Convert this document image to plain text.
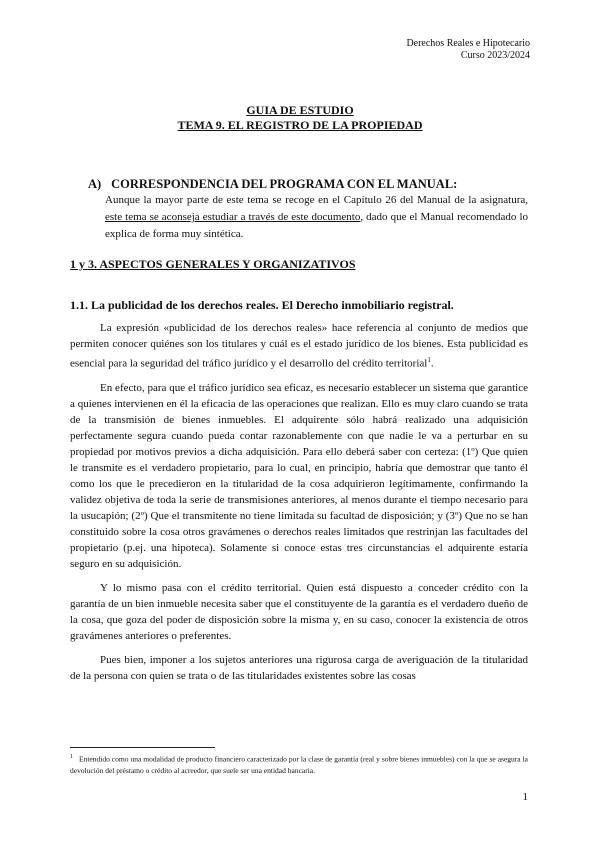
Derechos Reales e Hipotecario
Curso 2023/2024
GUIA DE ESTUDIO
TEMA 9. EL REGISTRO DE LA PROPIEDAD
A) CORRESPONDENCIA DEL PROGRAMA CON EL MANUAL:
Aunque la mayor parte de este tema se recoge en el Capítulo 26 del Manual de la asignatura, este tema se aconseja estudiar a través de este documento, dado que el Manual recomendado lo explica de forma muy sintética.
1 y 3. ASPECTOS GENERALES Y ORGANIZATIVOS
1.1. La publicidad de los derechos reales. El Derecho inmobiliario registral.

La expresión «publicidad de los derechos reales» hace referencia al conjunto de medios que permiten conocer quiénes son los titulares y cuál es el estado jurídico de los bienes. Esta publicidad es esencial para la seguridad del tráfico jurídico y el desarrollo del crédito territorial$^1$.

En efecto, para que el tráfico jurídico sea eficaz, es necesario establecer un sistema que garantice a quienes intervienen en él la eficacia de las operaciones que realizan. Ello es muy claro cuando se trata de la transmisión de bienes inmuebles. El adquirente sólo habrá realizado una adquisición perfectamente segura cuando pueda contar razonablemente con que nadie le va a perturbar en su propiedad por motivos previos a dicha adquisición. Para ello deberá saber con certeza: (1º) Que quien le transmite es el verdadero propietario, para lo cual, en principio, habría que demostrar que tanto él como los que le precedieron en la titularidad de la cosa adquirieron legítimamente, confirmando la validez objetiva de toda la serie de transmisiones anteriores, al menos durante el tiempo necesario para la usucapión; (2º) Que el transmitente no tiene limitada su facultad de disposición; y (3º) Que no se han constituido sobre la cosa otros gravámenes o derechos reales limitados que restrinjan las facultades del propietario (p.ej. una hipoteca). Solamente si conoce estas tres circunstancias el adquirente estaría seguro en su adquisición.

Y lo mismo pasa con el crédito territorial. Quien está dispuesto a conceder crédito con la garantía de un bien inmueble necesita saber que el constituyente de la garantía es el verdadero dueño de la cosa, que goza del poder de disposición sobre la misma y, en su caso, conocer la existencia de otros gravámenes anteriores o preferentes.

Pues bien, imponer a los sujetos anteriores una rigurosa carga de averiguación de la titularidad de la persona con quien se trata o de las titularidades existentes sobre las cosas

$^1$ Entendido como una modalidad de producto financiero caracterizado por la clase de garantía (real y sobre bienes inmuebles) con la que se asegura la devolución del préstamo o crédito al acreedor, que suele ser una entidad bancaria.
1
